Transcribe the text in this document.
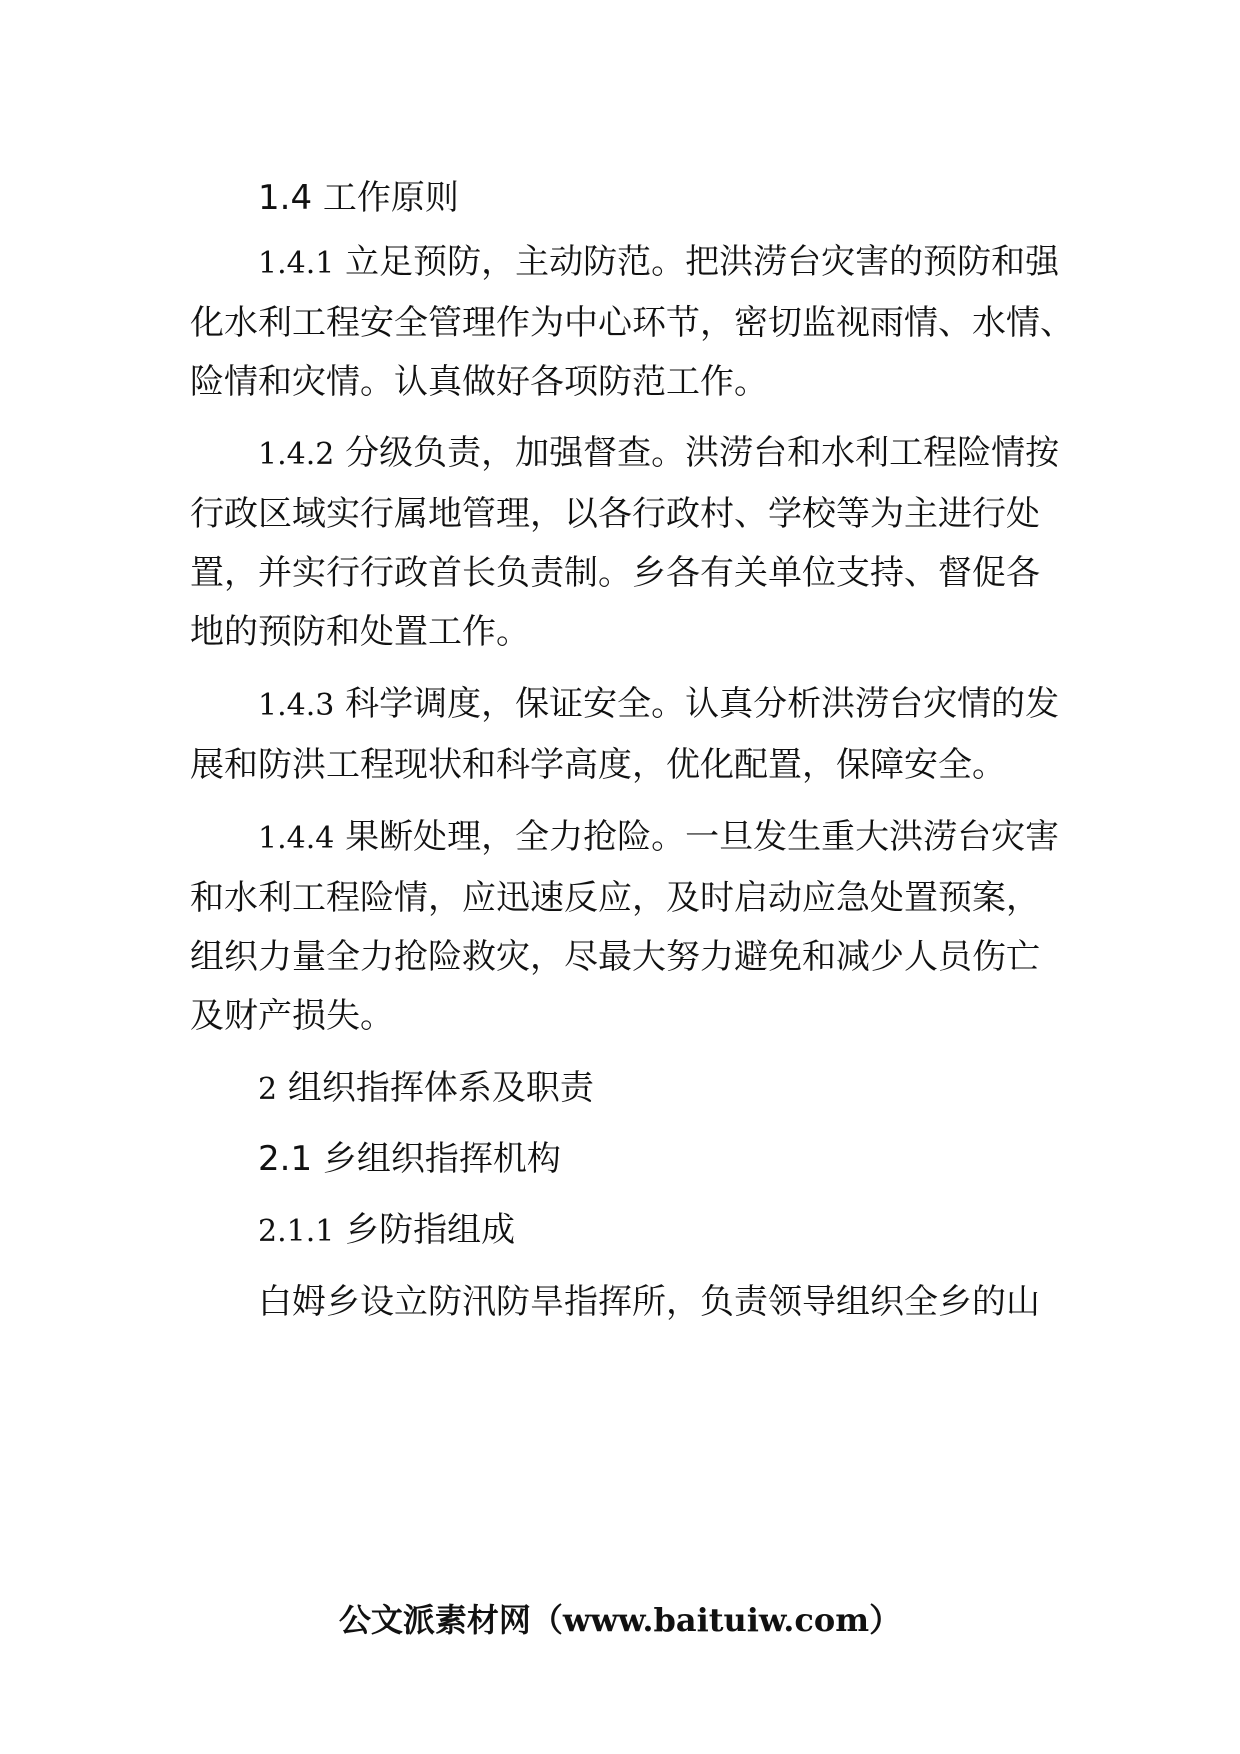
1.4 工作原则
1.4.1 立足预防，主动防范。把洪涝台灾害的预防和强
化水利工程安全管理作为中心环节，密切监视雨情、水情、
险情和灾情。认真做好各项防范工作。
1.4.2 分级负责，加强督查。洪涝台和水利工程险情按
行政区域实行属地管理，以各行政村、学校等为主进行处
置，并实行行政首长负责制。乡各有关单位支持、督促各
地的预防和处置工作。
1.4.3 科学调度，保证安全。认真分析洪涝台灾情的发
展和防洪工程现状和科学高度，优化配置，保障安全。
1.4.4 果断处理，全力抢险。一旦发生重大洪涝台灾害
和水利工程险情，应迅速反应，及时启动应急处置预案，
组织力量全力抢险救灾，尽最大努力避免和减少人员伤亡
及财产损失。
2 组织指挥体系及职责
2.1 乡组织指挥机构
2.1.1 乡防指组成
白姆乡设立防汛防旱指挥所，负责领导组织全乡的山
公文派素材网（www.baituiw.com）
